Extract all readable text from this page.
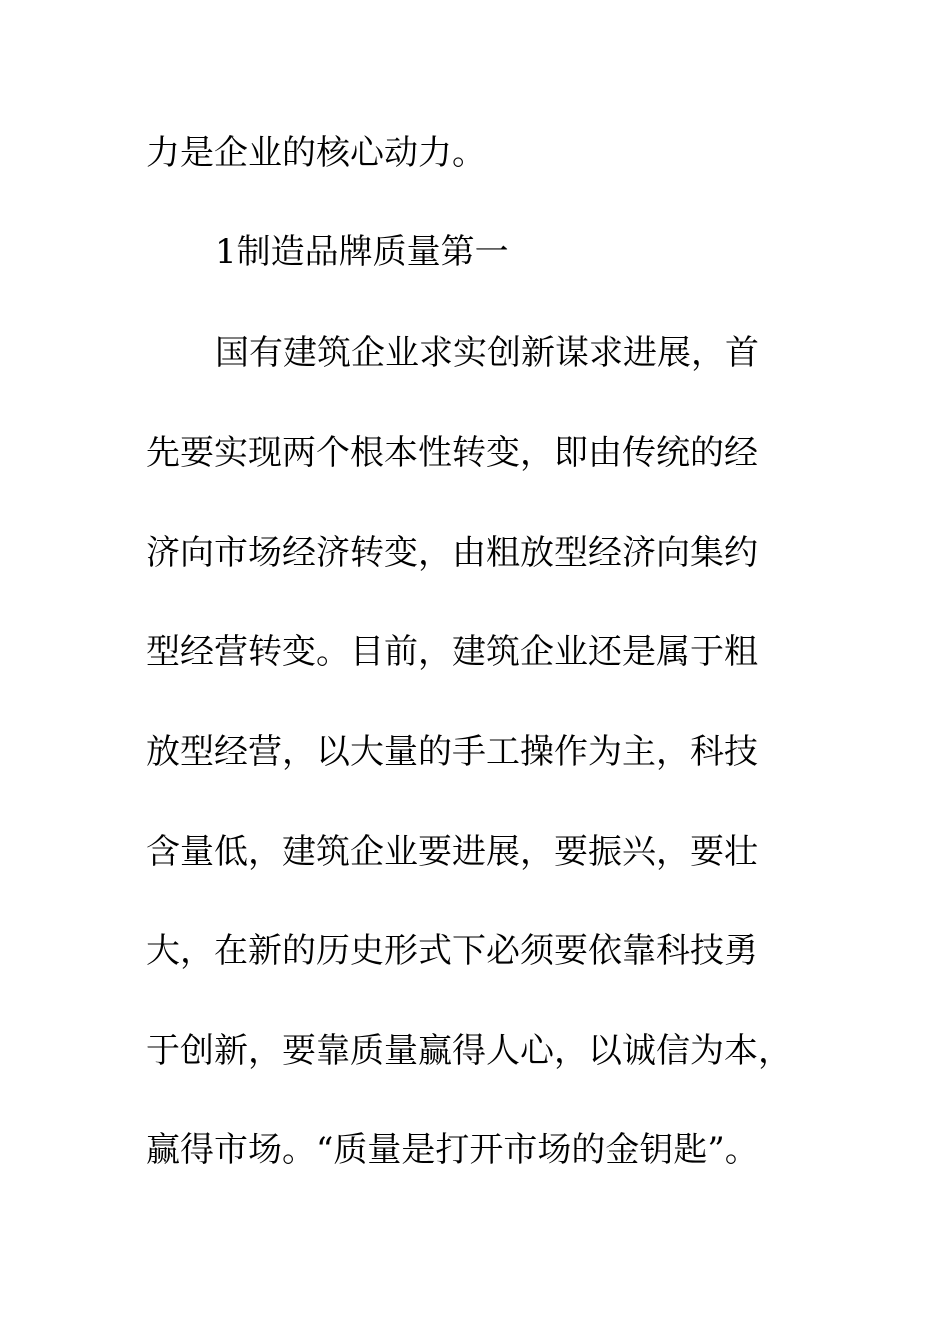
力是企业的核心动力。
1制造品牌质量第一
国有建筑企业求实创新谋求进展，首
先要实现两个根本性转变，即由传统的经
济向市场经济转变，由粗放型经济向集约
型经营转变。目前，建筑企业还是属于粗
放型经营，以大量的手工操作为主，科技
含量低，建筑企业要进展，要振兴，要壮
大，在新的历史形式下必须要依靠科技勇
于创新，要靠质量赢得人心，以诚信为本，
赢得市场。“质量是打开市场的金钥匙”。
